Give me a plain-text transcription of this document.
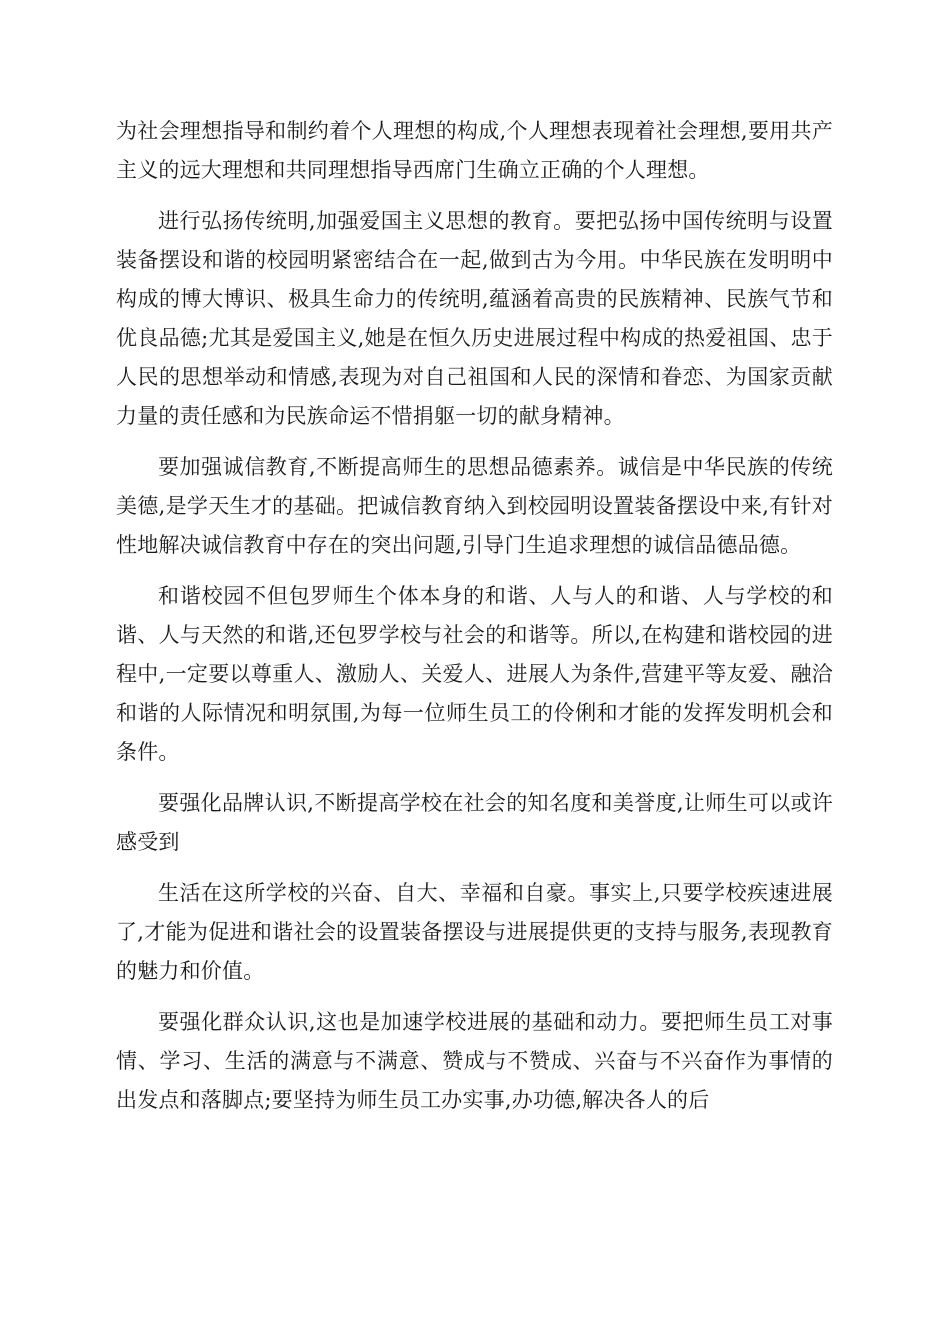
为社会理想指导和制约着个人理想的构成,个人理想表现着社会理想,要用共产主义的远大理想和共同理想指导西席门生确立正确的个人理想。

进行弘扬传统明,加强爱国主义思想的教育。要把弘扬中国传统明与设置装备摆设和谐的校园明紧密结合在一起,做到古为今用。中华民族在发明明中构成的博大博识、极具生命力的传统明,蕴涵着高贵的民族精神、民族气节和优良品德;尤其是爱国主义,她是在恒久历史进展过程中构成的热爱祖国、忠于人民的思想举动和情感,表现为对自己祖国和人民的深情和眷恋、为国家贡献力量的责任感和为民族命运不惜捐躯一切的献身精神。

要加强诚信教育,不断提高师生的思想品德素养。诚信是中华民族的传统美德,是学天生才的基础。把诚信教育纳入到校园明设置装备摆设中来,有针对性地解决诚信教育中存在的突出问题,引导门生追求理想的诚信品德品德。

和谐校园不但包罗师生个体本身的和谐、人与人的和谐、人与学校的和谐、人与天然的和谐,还包罗学校与社会的和谐等。所以,在构建和谐校园的进程中,一定要以尊重人、激励人、关爱人、进展人为条件,营建平等友爱、融洽和谐的人际情况和明氛围,为每一位师生员工的伶俐和才能的发挥发明机会和条件。

要强化品牌认识,不断提高学校在社会的知名度和美誉度,让师生可以或许感受到

生活在这所学校的兴奋、自大、幸福和自豪。事实上,只要学校疾速进展了,才能为促进和谐社会的设置装备摆设与进展提供更的支持与服务,表现教育的魅力和价值。

要强化群众认识,这也是加速学校进展的基础和动力。要把师生员工对事情、学习、生活的满意与不满意、赞成与不赞成、兴奋与不兴奋作为事情的出发点和落脚点;要坚持为师生员工办实事,办功德,解决各人的后
